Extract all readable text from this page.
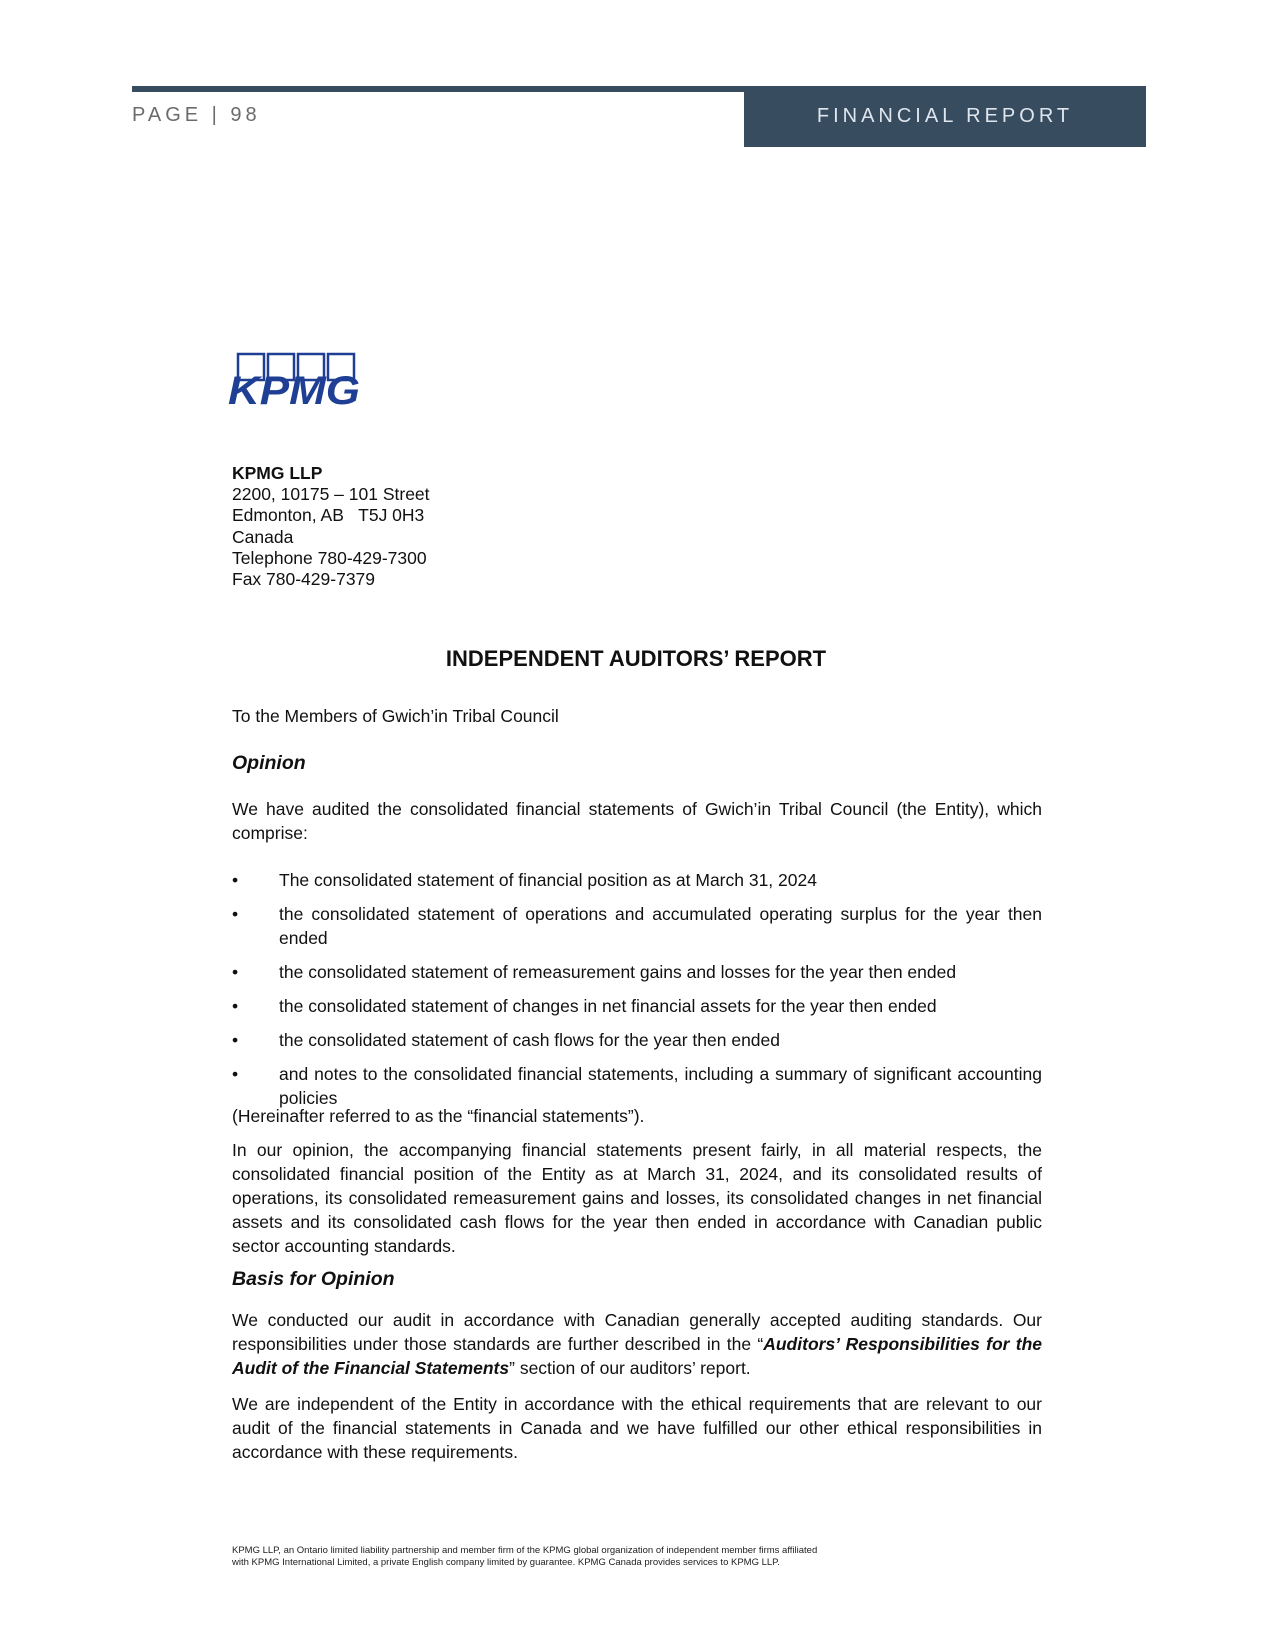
PAGE | 98	FINANCIAL REPORT
KPMG
KPMG LLP
2200, 10175 – 101 Street
Edmonton, AB   T5J 0H3
Canada
Telephone 780-429-7300
Fax 780-429-7379
INDEPENDENT AUDITORS’ REPORT
To the Members of Gwich’in Tribal Council
Opinion
We have audited the consolidated financial statements of Gwich’in Tribal Council (the Entity), which comprise:
• The consolidated statement of financial position as at March 31, 2024
• the consolidated statement of operations and accumulated operating surplus for the year then ended
• the consolidated statement of remeasurement gains and losses for the year then ended
• the consolidated statement of changes in net financial assets for the year then ended
• the consolidated statement of cash flows for the year then ended
• and notes to the consolidated financial statements, including a summary of significant accounting policies
(Hereinafter referred to as the “financial statements”).
In our opinion, the accompanying financial statements present fairly, in all material respects, the consolidated financial position of the Entity as at March 31, 2024, and its consolidated results of operations, its consolidated remeasurement gains and losses, its consolidated changes in net financial assets and its consolidated cash flows for the year then ended in accordance with Canadian public sector accounting standards.
Basis for Opinion
We conducted our audit in accordance with Canadian generally accepted auditing standards. Our responsibilities under those standards are further described in the “Auditors’ Responsibilities for the Audit of the Financial Statements” section of our auditors’ report.
We are independent of the Entity in accordance with the ethical requirements that are relevant to our audit of the financial statements in Canada and we have fulfilled our other ethical responsibilities in accordance with these requirements.
KPMG LLP, an Ontario limited liability partnership and member firm of the KPMG global organization of independent member firms affiliated
with KPMG International Limited, a private English company limited by guarantee. KPMG Canada provides services to KPMG LLP.
